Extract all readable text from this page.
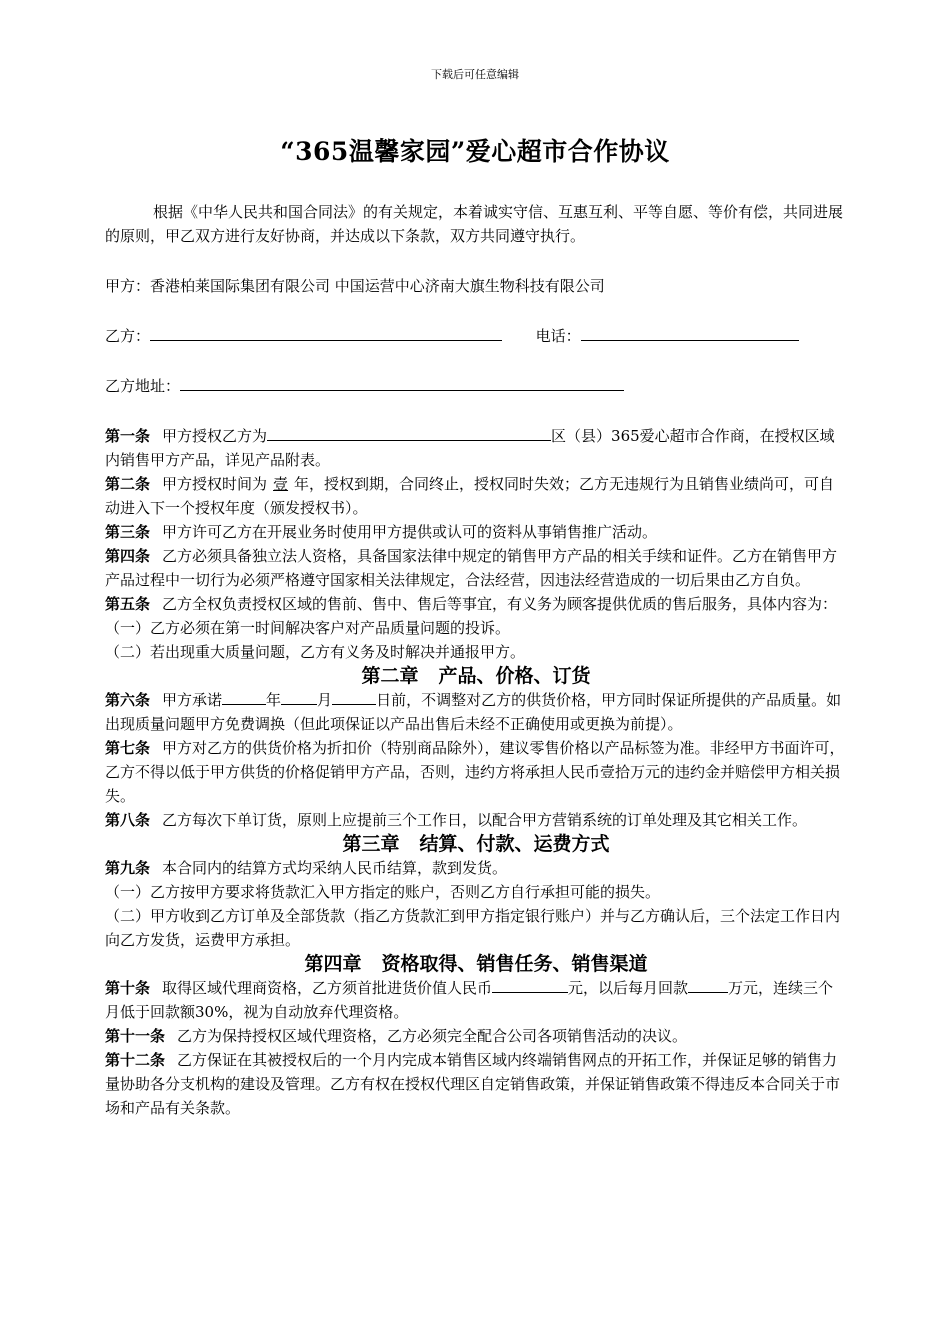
下载后可任意编辑
“365温馨家园”爱心超市合作协议

根据《中华人民共和国合同法》的有关规定，本着诚实守信、互惠互利、平等自愿、等价有偿，共同进展的原则，甲乙双方进行友好协商，并达成以下条款，双方共同遵守执行。

甲方：香港柏莱国际集团有限公司 中国运营中心济南大旗生物科技有限公司
乙方：	电话：
乙方地址：

第一条 甲方授权乙方为	区（县）365爱心超市合作商，在授权区域内销售甲方产品，详见产品附表。

第二条 甲方授权时间为 壹 年，授权到期，合同终止，授权同时失效；乙方无违规行为且销售业绩尚可，可自动进入下一个授权年度（颁发授权书）。

第三条 甲方许可乙方在开展业务时使用甲方提供或认可的资料从事销售推广活动。

第四条 乙方必须具备独立法人资格，具备国家法律中规定的销售甲方产品的相关手续和证件。乙方在销售甲方产品过程中一切行为必须严格遵守国家相关法律规定，合法经营，因违法经营造成的一切后果由乙方自负。

第五条 乙方全权负责授权区域的售前、售中、售后等事宜，有义务为顾客提供优质的售后服务，具体内容为：

（一）乙方必须在第一时间解决客户对产品质量问题的投诉。

（二）若出现重大质量问题，乙方有义务及时解决并通报甲方。

第二章 产品、价格、订货

第六条 甲方承诺	年 月	日前，不调整对乙方的供货价格，甲方同时保证所提供的产品质量。如出现质量问题甲方免费调换（但此项保证以产品出售后未经不正确使用或更换为前提）。

第七条 甲方对乙方的供货价格为折扣价（特别商品除外），建议零售价格以产品标签为准。非经甲方书面许可，乙方不得以低于甲方供货的价格促销甲方产品，否则，违约方将承担人民币壹拾万元的违约金并赔偿甲方相关损失。

第八条 乙方每次下单订货，原则上应提前三个工作日，以配合甲方营销系统的订单处理及其它相关工作。

第三章 结算、付款、运费方式

第九条 本合同内的结算方式均采纳人民币结算，款到发货。

（一）乙方按甲方要求将货款汇入甲方指定的账户，否则乙方自行承担可能的损失。

（二）甲方收到乙方订单及全部货款（指乙方货款汇到甲方指定银行账户）并与乙方确认后，三个法定工作日内向乙方发货，运费甲方承担。

第四章 资格取得、销售任务、销售渠道

第十条 取得区域代理商资格，乙方须首批进货价值人民币	元，以后每月回款	万元，连续三个月低于回款额30%，视为自动放弃代理资格。

第十一条 乙方为保持授权区域代理资格，乙方必须完全配合公司各项销售活动的决议。

第十二条 乙方保证在其被授权后的一个月内完成本销售区域内终端销售网点的开拓工作，并保证足够的销售力量协助各分支机构的建设及管理。乙方有权在授权代理区自定销售政策，并保证销售政策不得违反本合同关于市场和产品有关条款。
